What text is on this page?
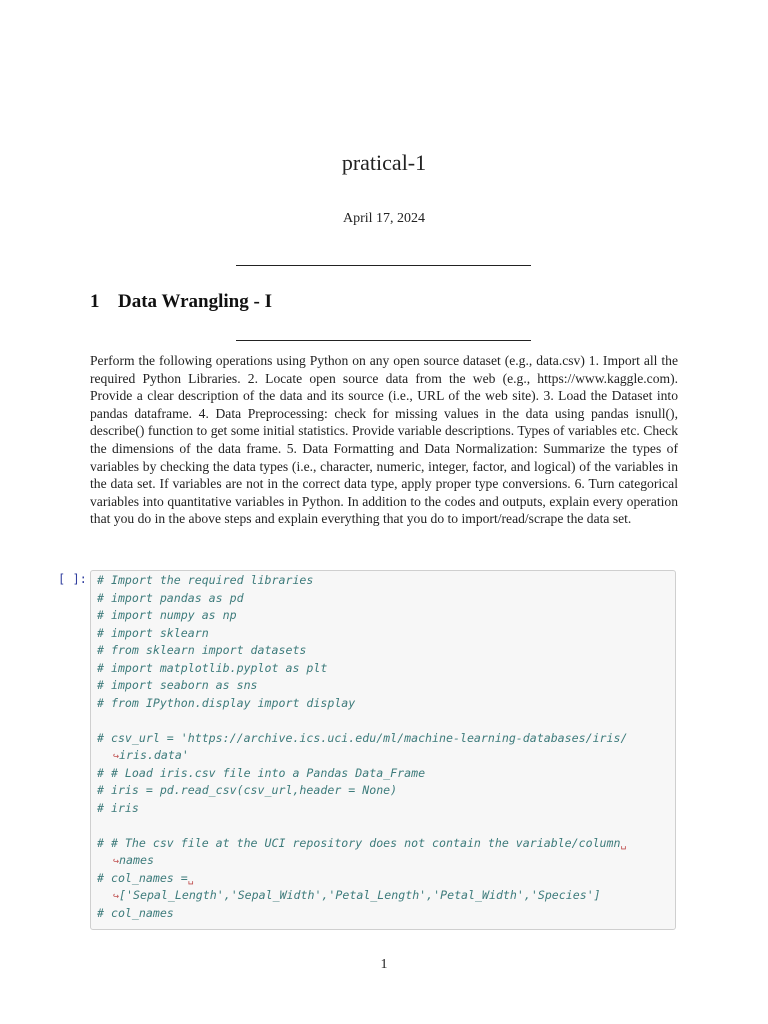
pratical-1
April 17, 2024
1 Data Wrangling - I
Perform the following operations using Python on any open source dataset (e.g., data.csv) 1. Import all the required Python Libraries. 2. Locate open source data from the web (e.g., https://www.kaggle.com). Provide a clear description of the data and its source (i.e., URL of the web site). 3. Load the Dataset into pandas dataframe. 4. Data Preprocessing: check for missing values in the data using pandas isnull(), describe() function to get some initial statistics. Provide variable descriptions. Types of variables etc. Check the dimensions of the data frame. 5. Data Formatting and Data Normalization: Summarize the types of variables by checking the data types (i.e., character, numeric, integer, factor, and logical) of the variables in the data set. If variables are not in the correct data type, apply proper type conversions. 6. Turn categorical variables into quantitative variables in Python. In addition to the codes and outputs, explain every operation that you do in the above steps and explain everything that you do to import/read/scrape the data set.
[ ]: # Import the required libraries
# import pandas as pd
# import numpy as np
# import sklearn
# from sklearn import datasets
# import matplotlib.pyplot as plt
# import seaborn as sns
# from IPython.display import display
# csv_url = 'https://archive.ics.uci.edu/ml/machine-learning-databases/iris/
↪iris.data'
# # Load iris.csv file into a Pandas Data_Frame
# iris = pd.read_csv(csv_url,header = None)
# iris
# # The csv file at the UCI repository does not contain the variable/column␣
↪names
# col_names =␣
↪['Sepal_Length','Sepal_Width','Petal_Length','Petal_Width','Species']
# col_names
1
